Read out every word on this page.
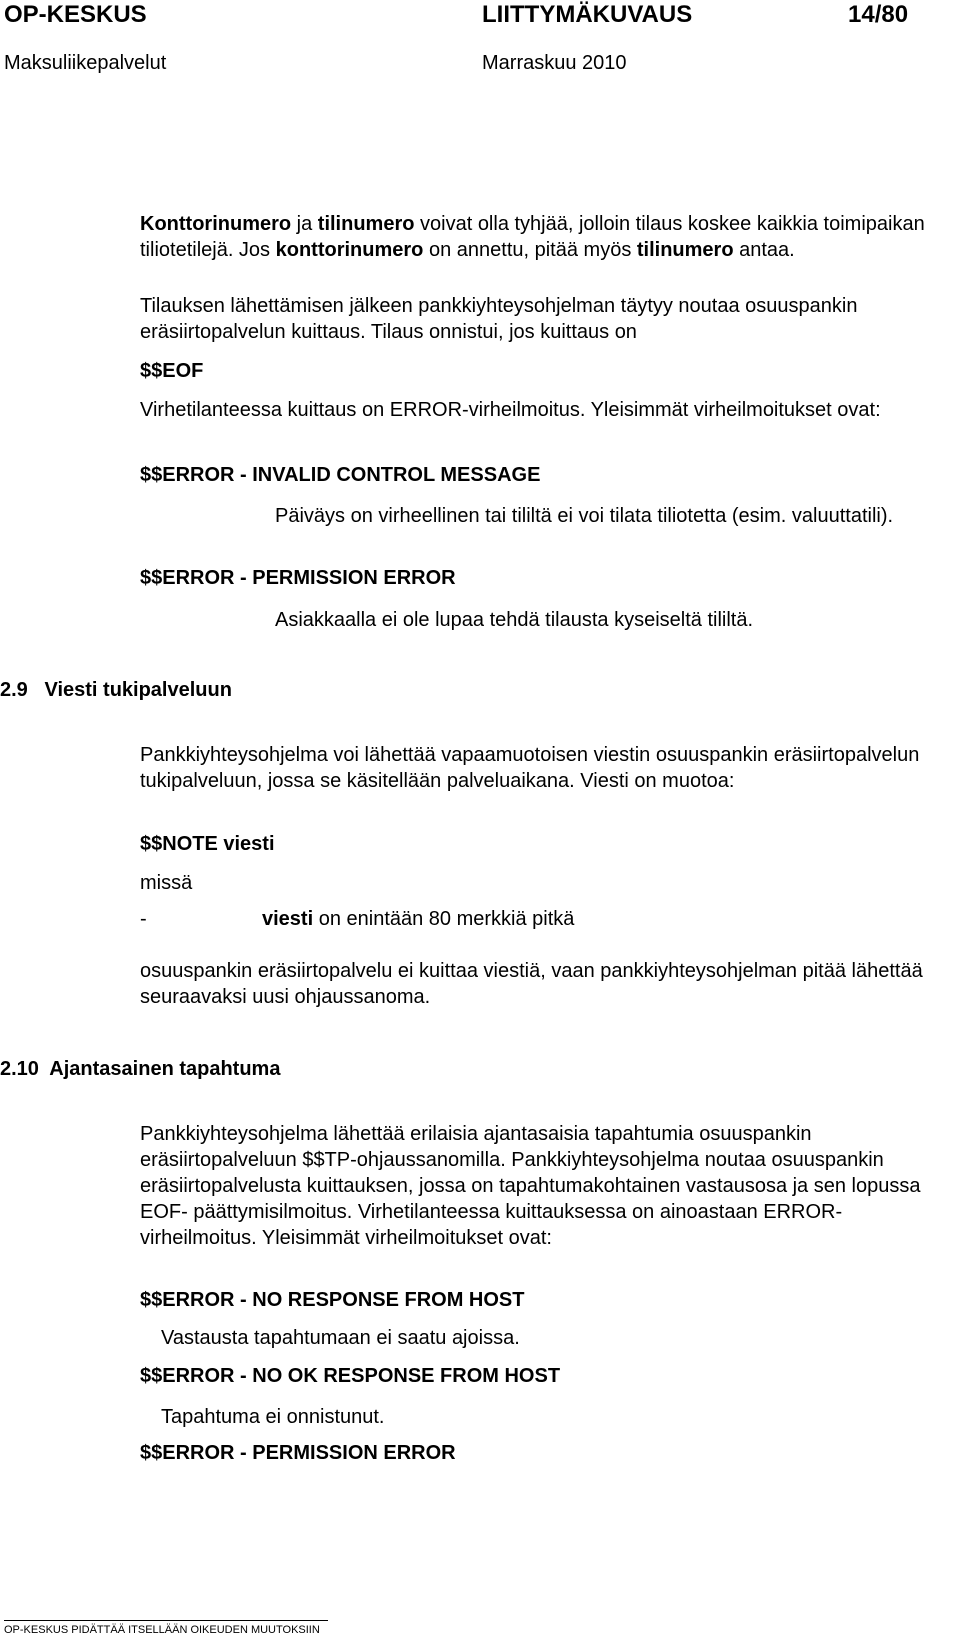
OP-KESKUS	LIITTYMÄKUVAUS	14/80
Maksuliikepalvelut	Marraskuu 2010
Konttorinumero ja tilinumero voivat olla tyhjää, jolloin tilaus koskee kaikkia toimipaikan tiliotetilejä. Jos konttorinumero on annettu, pitää myös tilinumero antaa.
Tilauksen lähettämisen jälkeen pankkiyhteysohjelman täytyy noutaa osuuspankin eräsiirtopalvelun kuittaus. Tilaus onnistui, jos kuittaus on
$$EOF
Virhetilanteessa kuittaus on ERROR-virheilmoitus. Yleisimmät virheilmoitukset ovat:
$$ERROR - INVALID CONTROL MESSAGE
Päiväys on virheellinen tai tililtä ei voi tilata tiliotetta (esim. valuuttatili).
$$ERROR - PERMISSION ERROR
Asiakkaalla ei ole lupaa tehdä tilausta kyseiseltä tililtä.
2.9   Viesti tukipalveluun
Pankkiyhteysohjelma voi lähettää vapaamuotoisen viestin osuuspankin eräsiirtopalvelun tukipalveluun, jossa se käsitellään palveluaikana. Viesti on muotoa:
$$NOTE viesti
missä
-	viesti on enintään 80 merkkiä pitkä
osuuspankin eräsiirtopalvelu ei kuittaa viestiä, vaan pankkiyhteysohjelman pitää lähettää seuraavaksi uusi ohjaussanoma.
2.10  Ajantasainen tapahtuma
Pankkiyhteysohjelma lähettää erilaisia ajantasaisia tapahtumia osuuspankin eräsiirtopalveluun $$TP-ohjaussanomilla. Pankkiyhteysohjelma noutaa osuuspankin eräsiirtopalvelusta kuittauksen, jossa on tapahtumakohtainen vastausosa ja sen lopussa EOF- päättymisilmoitus. Virhetilanteessa kuittauksessa on ainoastaan ERROR-virheilmoitus. Yleisimmät virheilmoitukset ovat:
$$ERROR - NO RESPONSE FROM HOST
Vastausta tapahtumaan ei saatu ajoissa.
$$ERROR - NO OK RESPONSE FROM HOST
Tapahtuma ei onnistunut.
$$ERROR - PERMISSION ERROR
OP-KESKUS PIDÄTTÄÄ ITSELLÄÄN OIKEUDEN MUUTOKSIIN
